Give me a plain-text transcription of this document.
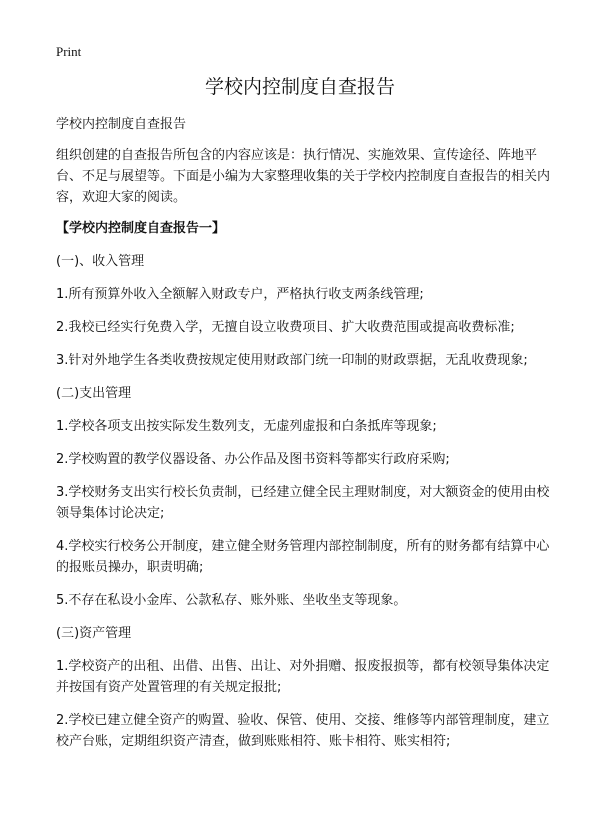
Print
学校内控制度自查报告

学校内控制度自查报告

组织创建的自查报告所包含的内容应该是：执行情况、实施效果、宣传途径、阵地平台、不足与展望等。下面是小编为大家整理收集的关于学校内控制度自查报告的相关内容，欢迎大家的阅读。

【学校内控制度自查报告一】

(一)、收入管理

1.所有预算外收入全额解入财政专户，严格执行收支两条线管理;

2.我校已经实行免费入学，无擅自设立收费项目、扩大收费范围或提高收费标准;

3.针对外地学生各类收费按规定使用财政部门统一印制的财政票据，无乱收费现象;

(二)支出管理

1.学校各项支出按实际发生数列支，无虚列虚报和白条抵库等现象;

2.学校购置的教学仪器设备、办公作品及图书资料等都实行政府采购;

3.学校财务支出实行校长负责制，已经建立健全民主理财制度，对大额资金的使用由校领导集体讨论决定;

4.学校实行校务公开制度，建立健全财务管理内部控制制度，所有的财务都有结算中心的报账员操办，职责明确;

5.不存在私设小金库、公款私存、账外账、坐收坐支等现象。

(三)资产管理

1.学校资产的出租、出借、出售、出让、对外捐赠、报废报损等，都有校领导集体决定并按国有资产处置管理的有关规定报批;

2.学校已建立健全资产的购置、验收、保管、使用、交接、维修等内部管理制度，建立校产台账，定期组织资产清查，做到账账相符、账卡相符、账实相符;
